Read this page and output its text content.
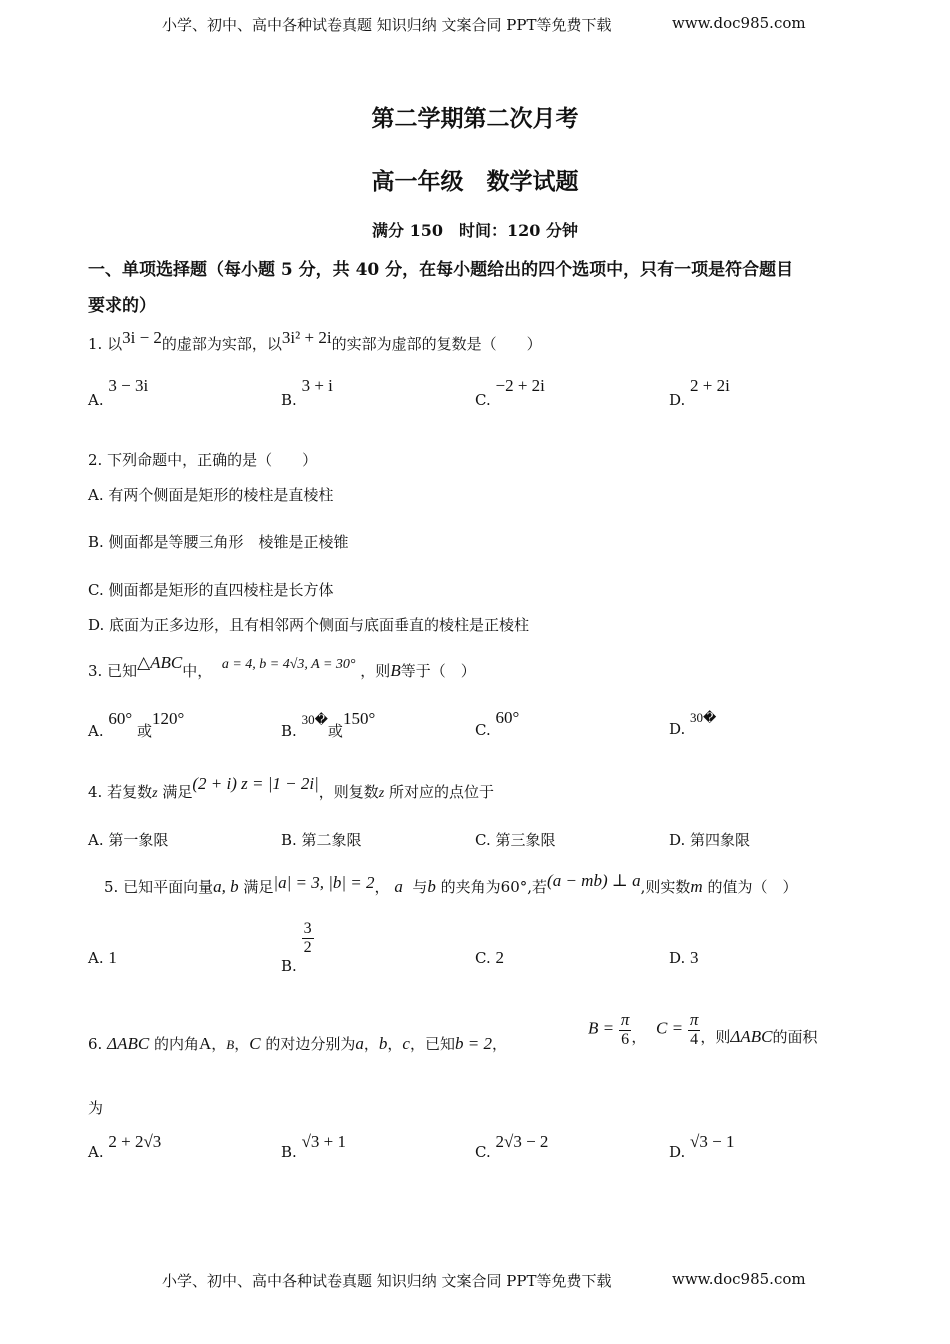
小学、初中、高中各种试卷真题 知识归纳 文案合同 PPT等免费下载	www.doc985.com
第二学期第二次月考
高一年级　数学试题
满分 150　时间：120 分钟
一、单项选择题（每小题 5 分，共 40 分，在每小题给出的四个选项中，只有一项是符合题目
要求的）
1. 以3i − 2的虚部为实部，以3i² + 2i的实部为虚部的复数是（　　）
A. 3 − 3i
B. 3 + i
C. −2 + 2i
D. 2 + 2i
2. 下列命题中，正确的是（　　）
A. 有两个侧面是矩形的棱柱是直棱柱
B. 侧面都是等腰三角形　棱锥是正棱锥
C. 侧面都是矩形的直四棱柱是长方体
D. 底面为正多边形，且有相邻两个侧面与底面垂直的棱柱是正棱柱
3. 已知△ABC中， a = 4, b = 4√3, A = 30° ，则B等于（　）
A. 60° 或120°
B. 30�或150°
C. 60°
D. 30�
4. 若复数z 满足(2 + i) z = |1 − 2i|，则复数z 所对应的点位于
A. 第一象限	B. 第二象限	C. 第三象限	D. 第四象限
5. 已知平面向量a, b 满足|a| = 3, |b| = 2， a 与b 的夹角为60°,若(a − mb) ⊥ a,则实数m 的值为（　）
A. 1	B.
$\frac{3}{2}$
C. 2	D. 3
6. ΔABC 的内角A，B，C 的对边分别为a，b，c，已知b = 2，
$B = \frac{\pi}{6}$ ， $C = \frac{\pi}{4}$ ，则ΔABC的面积
为
A. 2 + 2√3
B. √3 + 1
C. 2√3 − 2
D. √3 − 1
小学、初中、高中各种试卷真题 知识归纳 文案合同 PPT等免费下载	www.doc985.com
